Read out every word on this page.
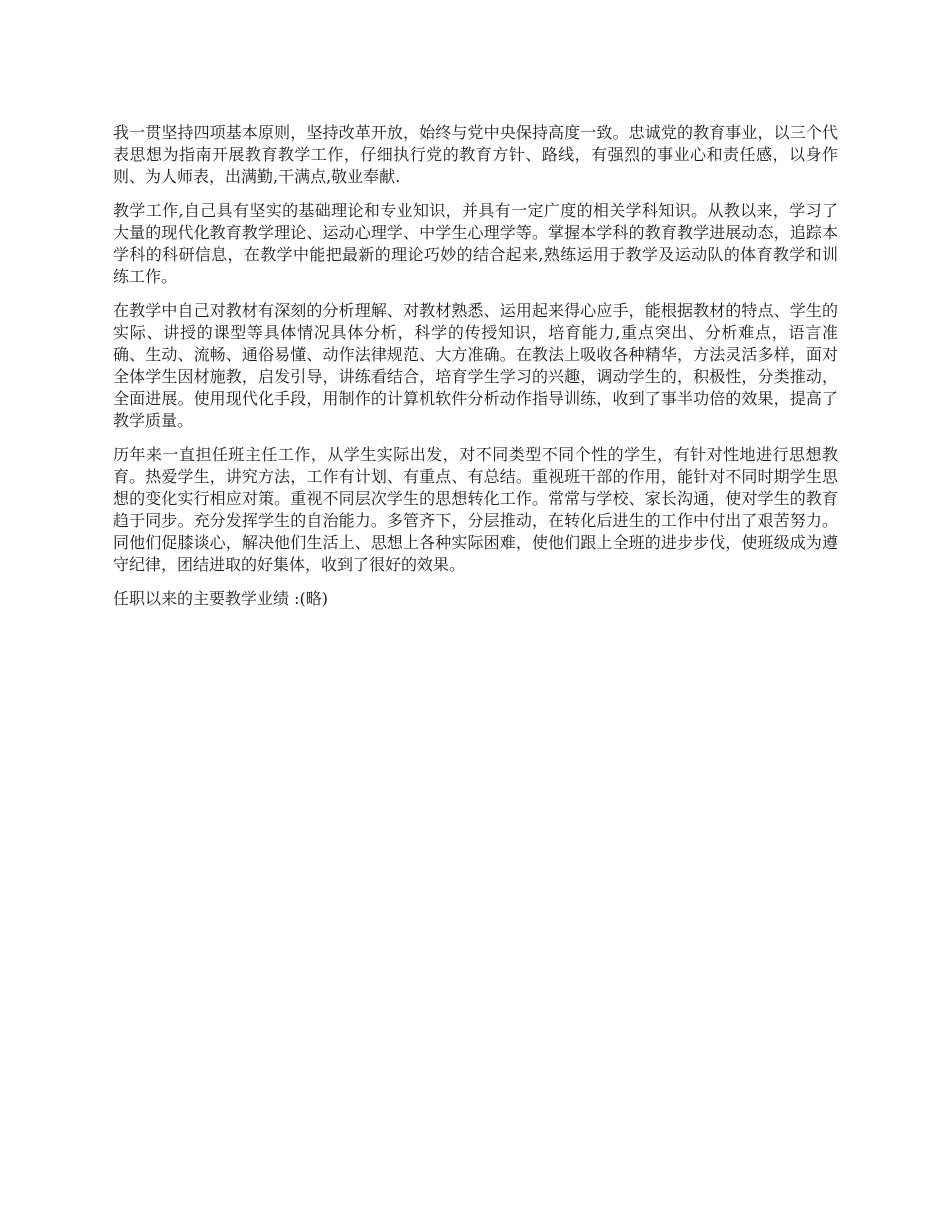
我一贯坚持四项基本原则，坚持改革开放，始终与党中央保持高度一致。忠诚党的教育事业，以三个代表思想为指南开展教育教学工作，仔细执行党的教育方针、路线，有强烈的事业心和责任感，以身作则、为人师表，出满勤,干满点,敬业奉献.

教学工作,自己具有坚实的基础理论和专业知识，并具有一定广度的相关学科知识。从教以来，学习了大量的现代化教育教学理论、运动心理学、中学生心理学等。掌握本学科的教育教学进展动态，追踪本学科的科研信息，在教学中能把最新的理论巧妙的结合起来,熟练运用于教学及运动队的体育教学和训练工作。

在教学中自己对教材有深刻的分析理解、对教材熟悉、运用起来得心应手，能根据教材的特点、学生的实际、讲授的课型等具体情况具体分析，科学的传授知识，培育能力,重点突出、分析难点，语言准确、生动、流畅、通俗易懂、动作法律规范、大方准确。在教法上吸收各种精华，方法灵活多样，面对全体学生因材施教，启发引导，讲练看结合，培育学生学习的兴趣，调动学生的，积极性，分类推动，全面进展。使用现代化手段，用制作的计算机软件分析动作指导训练，收到了事半功倍的效果，提高了教学质量。

历年来一直担任班主任工作，从学生实际出发，对不同类型不同个性的学生，有针对性地进行思想教育。热爱学生，讲究方法，工作有计划、有重点、有总结。重视班干部的作用，能针对不同时期学生思想的变化实行相应对策。重视不同层次学生的思想转化工作。常常与学校、家长沟通，使对学生的教育趋于同步。充分发挥学生的自治能力。多管齐下，分层推动，在转化后进生的工作中付出了艰苦努力。同他们促膝谈心，解决他们生活上、思想上各种实际困难，使他们跟上全班的进步步伐，使班级成为遵守纪律，团结进取的好集体，收到了很好的效果。

任职以来的主要教学业绩 :(略)
